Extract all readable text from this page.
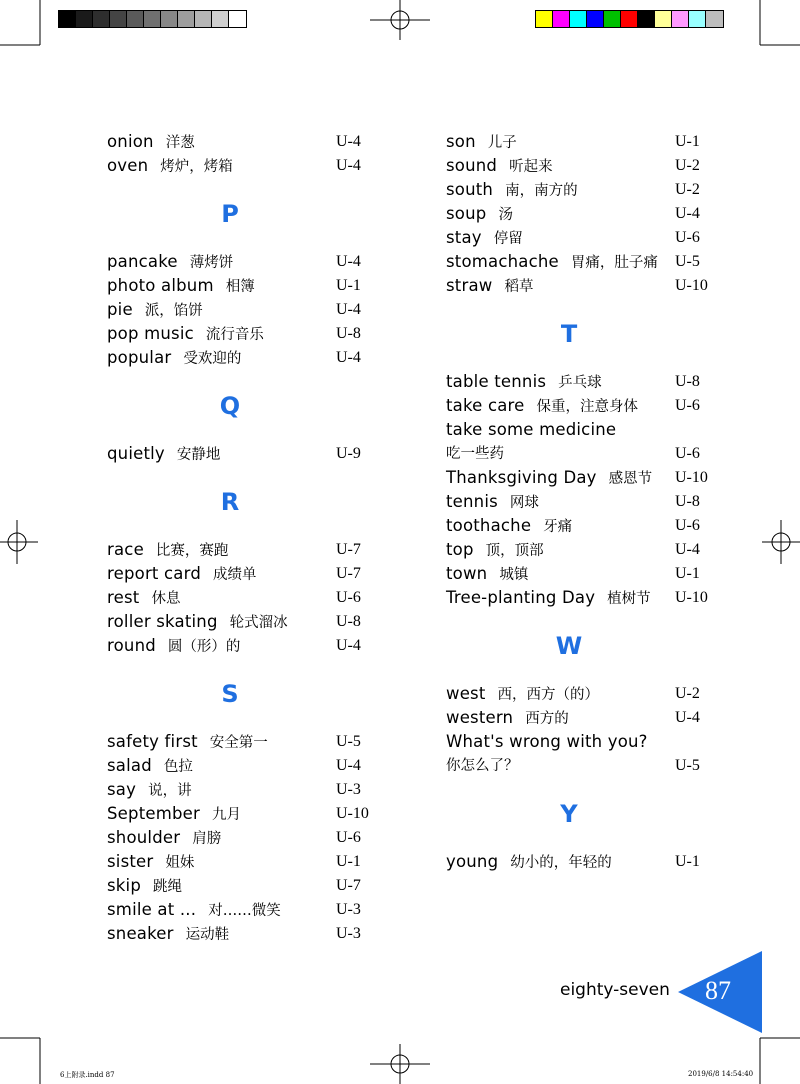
onion 洋葱	U-4
oven 烤炉，烤箱	U-4
P
pancake 薄烤饼	U-4
photo album 相簿	U-1
pie 派，馅饼	U-4
pop music 流行音乐	U-8
popular 受欢迎的	U-4
Q
quietly 安静地	U-9
R
race 比赛，赛跑	U-7
report card 成绩单	U-7
rest 休息	U-6
roller skating 轮式溜冰	U-8
round 圆（形）的	U-4
S
safety first 安全第一	U-5
salad 色拉	U-4
say 说，讲	U-3
September 九月	U-10
shoulder 肩膀	U-6
sister 姐妹	U-1
skip 跳绳	U-7
smile at ... 对……微笑	U-3
sneaker 运动鞋	U-3
son 儿子	U-1
sound 听起来	U-2
south 南，南方的	U-2
soup 汤	U-4
stay 停留	U-6
stomachache 胃痛，肚子痛 U-5
straw 稻草	U-10
T
table tennis 乒乓球	U-8
take care 保重，注意身体 U-6
take some medicine
吃一些药	U-6
Thanksgiving Day 感恩节 U-10
tennis 网球	U-8
toothache 牙痛	U-6
top 顶，顶部	U-4
town 城镇	U-1
Tree-planting Day 植树节 U-10
W
west 西，西方（的）	U-2
western 西方的	U-4
What's wrong with you?
你怎么了？	U-5
Y
young 幼小的，年轻的	U-1
eighty-seven 87
6上附录.indd 87	2019/6/8 14:54:40
